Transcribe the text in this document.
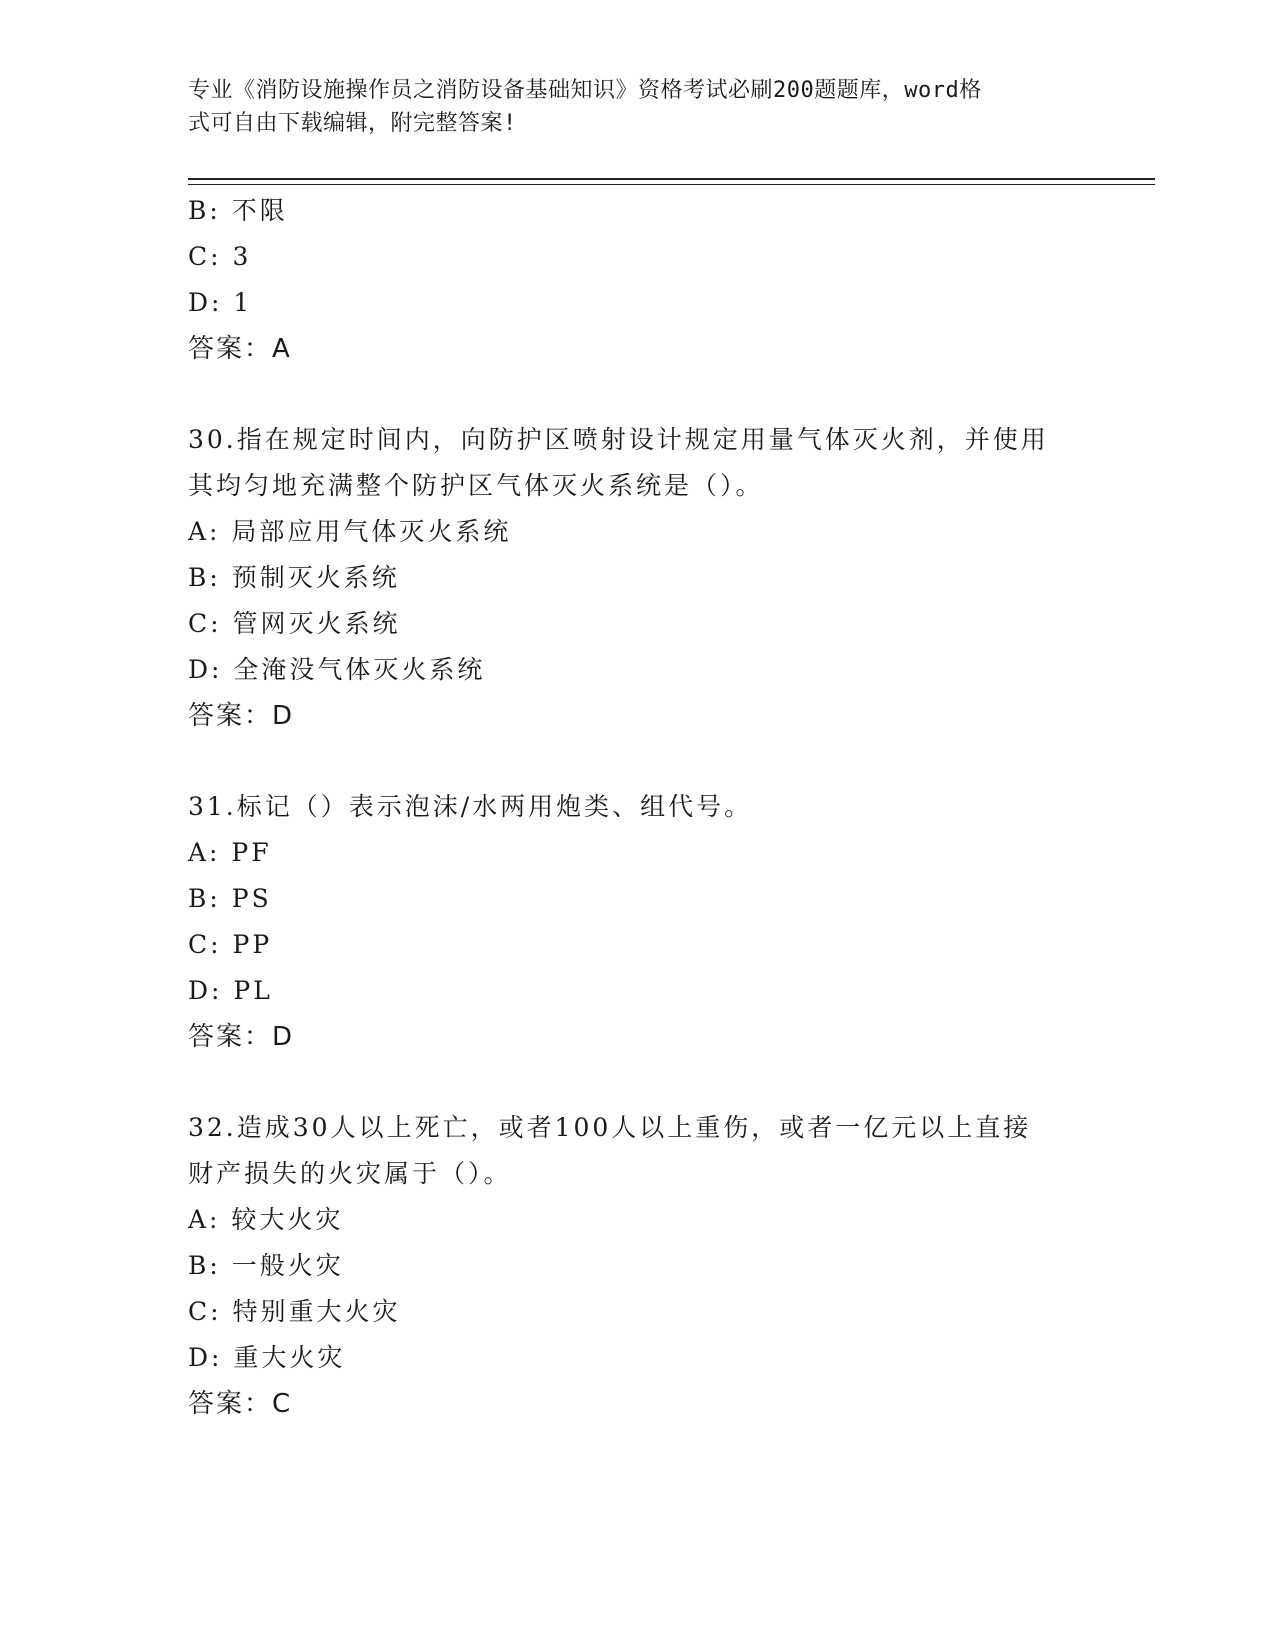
专业《消防设施操作员之消防设备基础知识》资格考试必刷200题题库，word格
式可自由下载编辑，附完整答案!
B: 不限
C: 3
D: 1
答案：A
30.指在规定时间内，向防护区喷射设计规定用量气体灭火剂，并使用
其均匀地充满整个防护区气体灭火系统是（）。
A: 局部应用气体灭火系统
B: 预制灭火系统
C: 管网灭火系统
D: 全淹没气体灭火系统
答案：D
31.标记（）表示泡沫/水两用炮类、组代号。
A: PF
B: PS
C: PP
D: PL
答案：D
32.造成30人以上死亡，或者100人以上重伤，或者一亿元以上直接
财产损失的火灾属于（）。
A: 较大火灾
B: 一般火灾
C: 特别重大火灾
D: 重大火灾
答案：C
